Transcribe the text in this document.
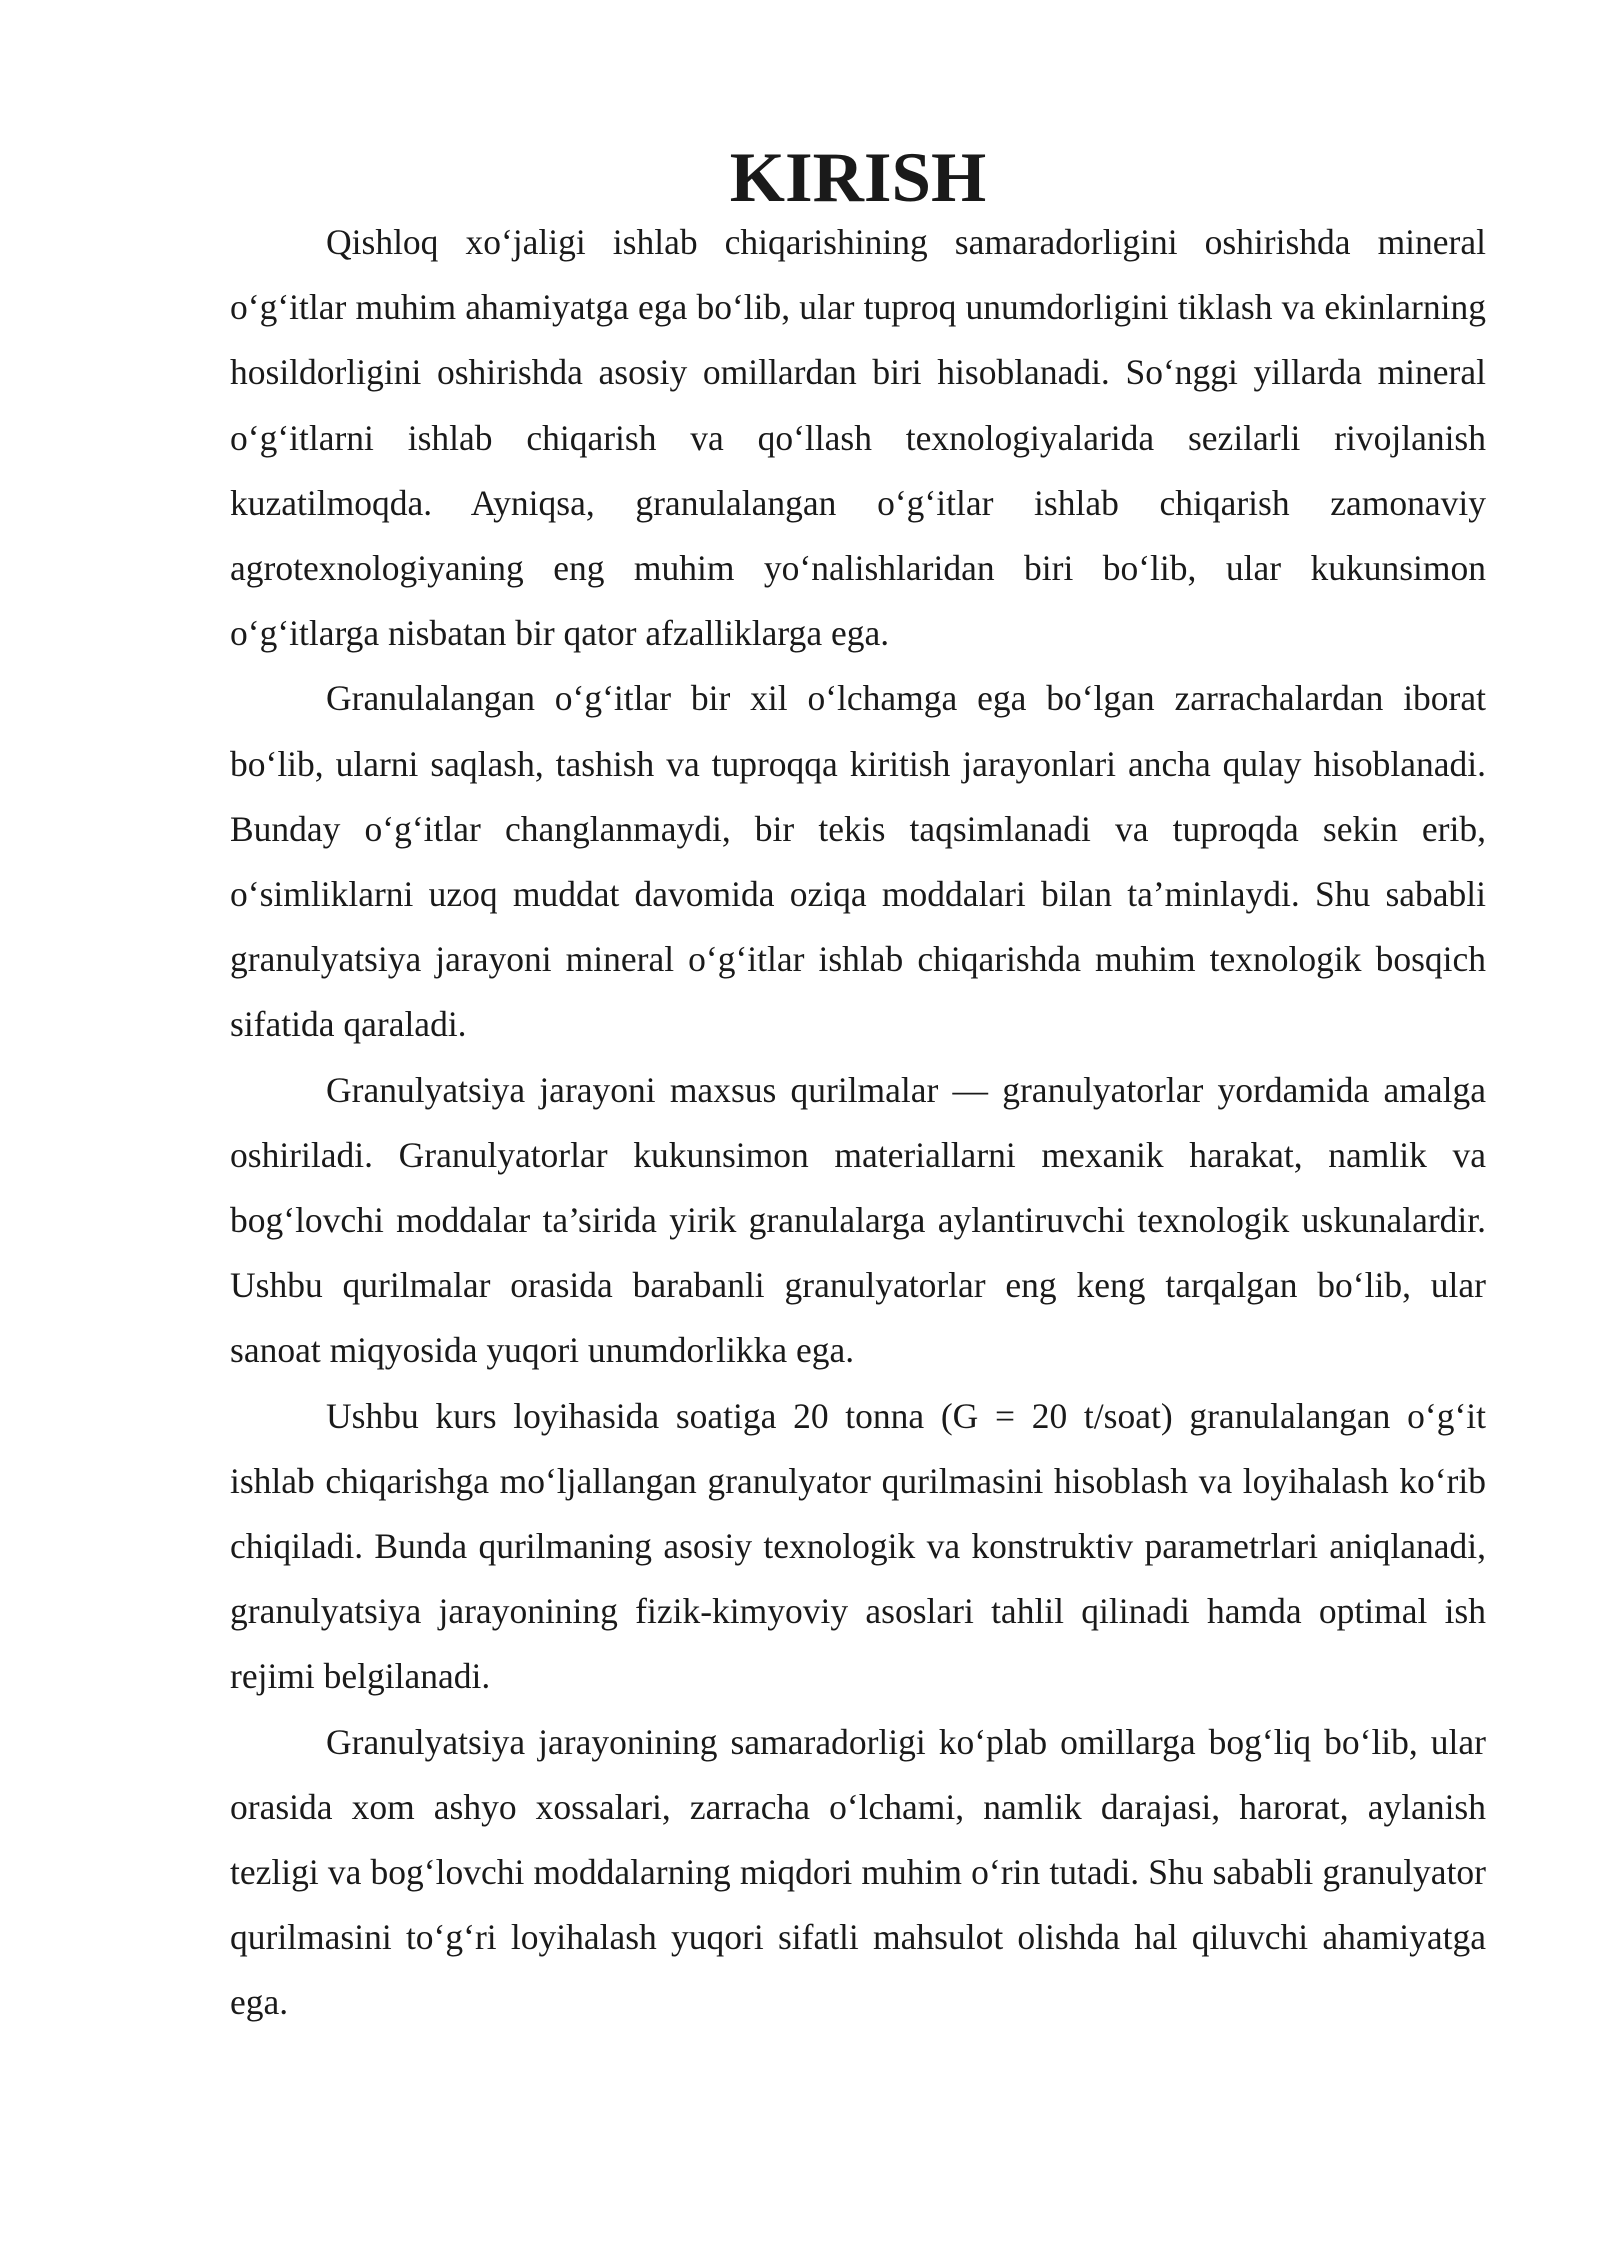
KIRISH

Qishloq xo‘jaligi ishlab chiqarishining samaradorligini oshirishda mineral o‘g‘itlar muhim ahamiyatga ega bo‘lib, ular tuproq unumdorligini tiklash va ekinlarning hosildorligini oshirishda asosiy omillardan biri hisoblanadi. So‘nggi yillarda mineral o‘g‘itlarni ishlab chiqarish va qo‘llash texnologiyalarida sezilarli rivojlanish kuzatilmoqda. Ayniqsa, granulalangan o‘g‘itlar ishlab chiqarish zamonaviy agrotexnologiyaning eng muhim yo‘nalishlaridan biri bo‘lib, ular kukunsimon o‘g‘itlarga nisbatan bir qator afzalliklarga ega.

Granulalangan o‘g‘itlar bir xil o‘lchamga ega bo‘lgan zarrachalardan iborat bo‘lib, ularni saqlash, tashish va tuproqqa kiritish jarayonlari ancha qulay hisoblanadi. Bunday o‘g‘itlar changlanmaydi, bir tekis taqsimlanadi va tuproqda sekin erib, o‘simliklarni uzoq muddat davomida oziqa moddalari bilan ta’minlaydi. Shu sababli granulyatsiya jarayoni mineral o‘g‘itlar ishlab chiqarishda muhim texnologik bosqich sifatida qaraladi.

Granulyatsiya jarayoni maxsus qurilmalar — granulyatorlar yordamida amalga oshiriladi. Granulyatorlar kukunsimon materiallarni mexanik harakat, namlik va bog‘lovchi moddalar ta’sirida yirik granulalarga aylantiruvchi texnologik uskunalardir. Ushbu qurilmalar orasida barabanli granulyatorlar eng keng tarqalgan bo‘lib, ular sanoat miqyosida yuqori unumdorlikka ega.

Ushbu kurs loyihasida soatiga 20 tonna (G = 20 t/soat) granulalangan o‘g‘it ishlab chiqarishga mo‘ljallangan granulyator qurilmasini hisoblash va loyihalash ko‘rib chiqiladi. Bunda qurilmaning asosiy texnologik va konstruktiv parametrlari aniqlanadi, granulyatsiya jarayonining fizik-kimyoviy asoslari tahlil qilinadi hamda optimal ish rejimi belgilanadi.

Granulyatsiya jarayonining samaradorligi ko‘plab omillarga bog‘liq bo‘lib, ular orasida xom ashyo xossalari, zarracha o‘lchami, namlik darajasi, harorat, aylanish tezligi va bog‘lovchi moddalarning miqdori muhim o‘rin tutadi. Shu sababli granulyator qurilmasini to‘g‘ri loyihalash yuqori sifatli mahsulot olishda hal qiluvchi ahamiyatga ega.
